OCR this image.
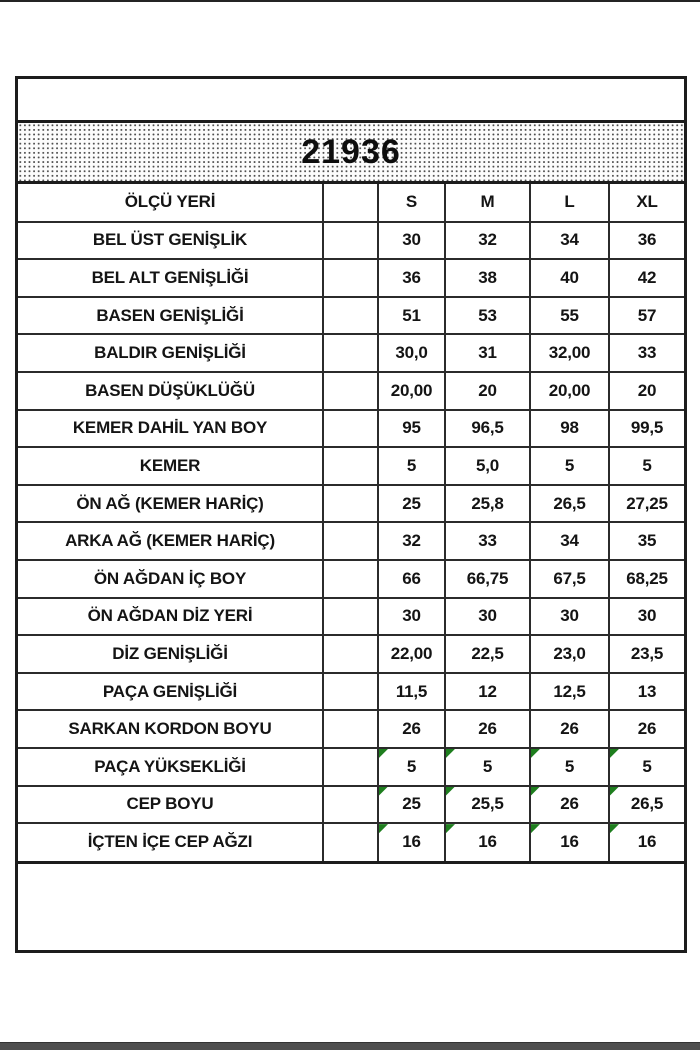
21936
ÖLÇÜ YERİ		S	M	L	XL
BEL ÜST GENİŞLİK		30	32	34	36
BEL ALT GENİŞLİĞİ		36	38	40	42
BASEN GENİŞLİĞİ		51	53	55	57
BALDIR GENİŞLİĞİ		30,0	31	32,00	33
BASEN DÜŞÜKLÜĞÜ		20,00	20	20,00	20
KEMER DAHİL YAN BOY		95	96,5	98	99,5
KEMER		5	5,0	5	5
ÖN AĞ (KEMER HARİÇ)		25	25,8	26,5	27,25
ARKA AĞ (KEMER HARİÇ)		32	33	34	35
ÖN AĞDAN İÇ BOY		66	66,75	67,5	68,25
ÖN AĞDAN DİZ YERİ		30	30	30	30
DİZ GENİŞLİĞİ		22,00	22,5	23,0	23,5
PAÇA GENİŞLİĞİ		11,5	12	12,5	13
SARKAN KORDON BOYU		26	26	26	26
PAÇA YÜKSEKLİĞİ		5	5	5	5
CEP BOYU		25	25,5	26	26,5
İÇTEN İÇE CEP AĞZI		16	16	16	16
